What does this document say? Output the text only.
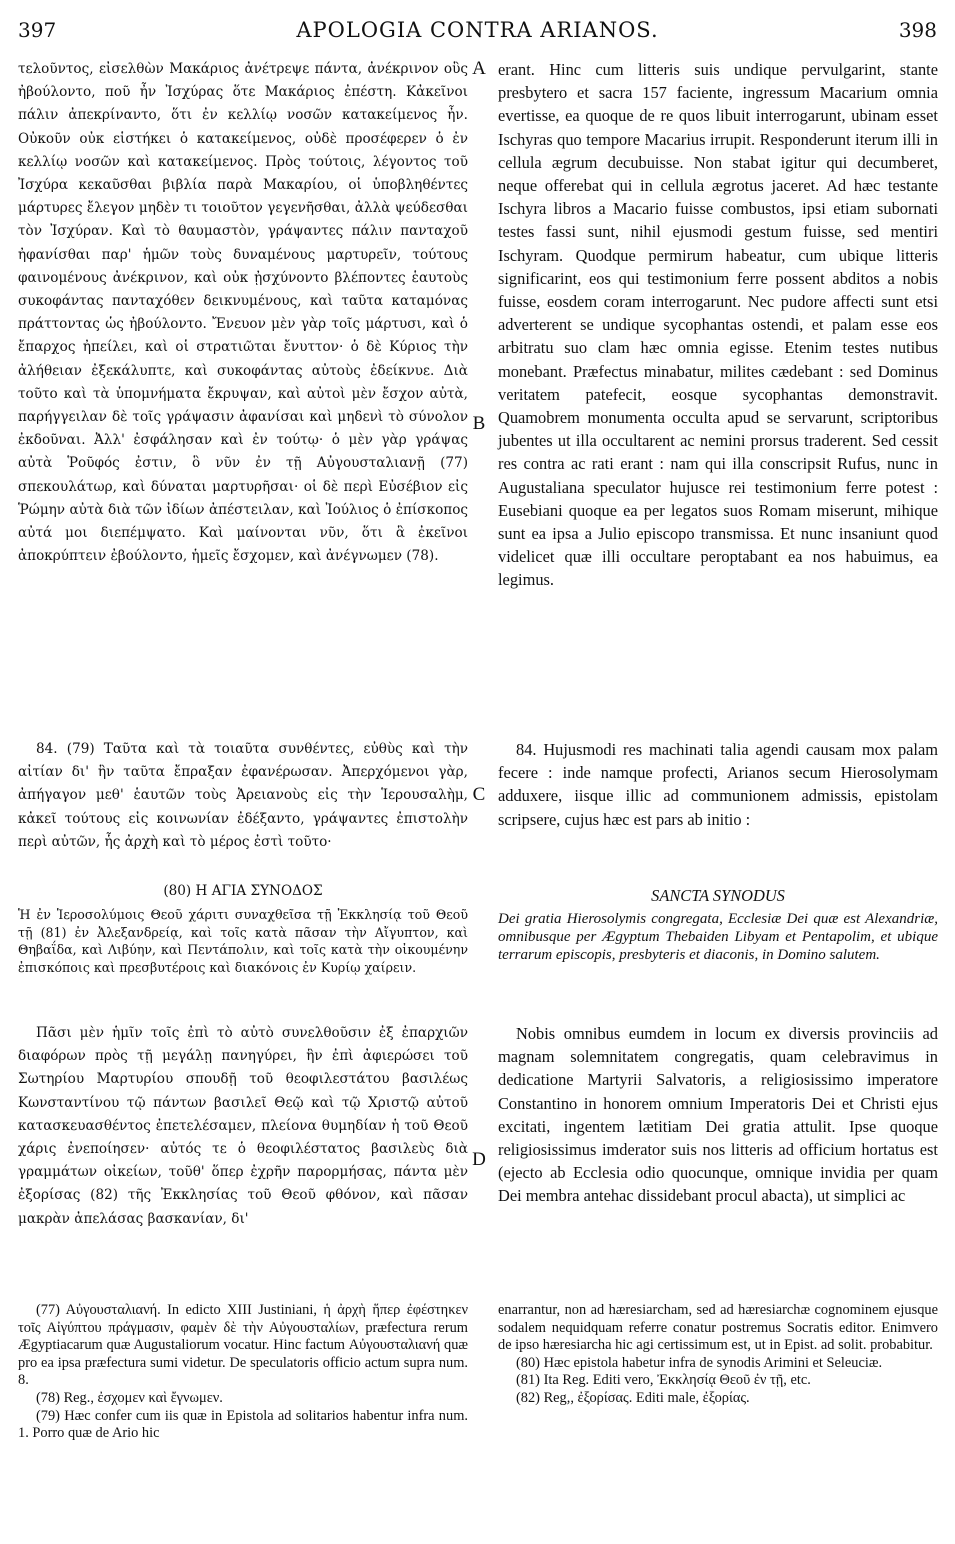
397	APOLOGIA CONTRA ARIANOS.	398
A
B
C
D

τελοῦντος, εἰσελθὼν Μακάριος ἀνέτρεψε πάντα, ἀνέκρινον οὓς ἠβούλοντο, ποῦ ἦν Ἰσχύρας ὅτε Μακάριος ἐπέστη. Κἀκεῖνοι πάλιν ἀπεκρίναντο, ὅτι ἐν κελλίῳ νοσῶν κατακείμενος ἦν. Οὐκοῦν οὐκ εἱστήκει ὁ κατακείμενος, οὐδὲ προσέφερεν ὁ ἐν κελλίῳ νοσῶν καὶ κατακείμενος. Πρὸς τούτοις, λέγοντος τοῦ Ἰσχύρα κεκαῦσθαι βιβλία παρὰ Μακαρίου, οἱ ὑποβληθέντες μάρτυρες ἔλεγον μηδὲν τι τοιοῦτον γεγενῆσθαι, ἀλλὰ ψεύδεσθαι τὸν Ἰσχύραν. Καὶ τὸ θαυμαστὸν, γράψαντες πάλιν πανταχοῦ ἠφανίσθαι παρ' ἡμῶν τοὺς δυναμένους μαρτυρεῖν, τούτους φαινομένους ἀνέκρινον, καὶ οὐκ ᾐσχύνοντο βλέποντες ἑαυτοὺς συκοφάντας πανταχόθεν δεικνυμένους, καὶ ταῦτα καταμόνας πράττοντας ὡς ἠβούλοντο. Ἔνευον μὲν γὰρ τοῖς μάρτυσι, καὶ ὁ ἔπαρχος ἠπείλει, καὶ οἱ στρατιῶται ἔνυττον· ὁ δὲ Κύριος τὴν ἀλήθειαν ἐξεκάλυπτε, καὶ συκοφάντας αὐτοὺς ἐδείκνυε. Διὰ τοῦτο καὶ τὰ ὑπομνήματα ἔκρυψαν, καὶ αὐτοὶ μὲν ἔσχον αὐτὰ, παρήγγειλαν δὲ τοῖς γράψασιν ἀφανίσαι καὶ μηδενὶ τὸ σύνολον ἐκδοῦναι. Ἀλλ' ἐσφάλησαν καὶ ἐν τούτῳ· ὁ μὲν γὰρ γράψας αὐτὰ Ῥοῦφός ἐστιν, ὃ νῦν ἐν τῇ Αὐγουσταλιανῇ (77) σπεκουλάτωρ, καὶ δύναται μαρτυρῆσαι· οἱ δὲ περὶ Εὐσέβιον εἰς Ῥώμην αὐτὰ διὰ τῶν ἰδίων ἀπέστειλαν, καὶ Ἰούλιος ὁ ἐπίσκοπος αὐτά μοι διεπέμψατο. Καὶ μαίνονται νῦν, ὅτι ἃ ἐκεῖνοι ἀποκρύπτειν ἐβούλοντο, ἡμεῖς ἔσχομεν, καὶ ἀνέγνωμεν (78).

84. (79) Ταῦτα καὶ τὰ τοιαῦτα συνθέντες, εὐθὺς καὶ τὴν αἰτίαν δι' ἣν ταῦτα ἔπραξαν ἐφανέρωσαν. Ἀπερχόμενοι γὰρ, ἀπήγαγον μεθ' ἑαυτῶν τοὺς Ἀρειανοὺς εἰς τὴν Ἱερουσαλὴμ, κἀκεῖ τούτους εἰς κοινωνίαν ἐδέξαντο, γράψαντες ἐπιστολὴν περὶ αὐτῶν, ἧς ἀρχὴ καὶ τὸ μέρος ἐστὶ τοῦτο·

(80) Η ΑΓΙΑ ΣΥΝΟΔΟΣ

Ἡ ἐν Ἱεροσολύμοις Θεοῦ χάριτι συναχθεῖσα τῇ Ἐκκλησίᾳ τοῦ Θεοῦ τῇ (81) ἐν Ἀλεξανδρείᾳ, καὶ τοῖς κατὰ πᾶσαν τὴν Αἴγυπτον, καὶ Θηβαΐδα, καὶ Λιβύην, καὶ Πεντάπολιν, καὶ τοῖς κατὰ τὴν οἰκουμένην ἐπισκόποις καὶ πρεσβυτέροις καὶ διακόνοις ἐν Κυρίῳ χαίρειν.

Πᾶσι μὲν ἡμῖν τοῖς ἐπὶ τὸ αὐτὸ συνελθοῦσιν ἐξ ἐπαρχιῶν διαφόρων πρὸς τῇ μεγάλῃ πανηγύρει, ἣν ἐπὶ ἀφιερώσει τοῦ Σωτηρίου Μαρτυρίου σπουδῇ τοῦ θεοφιλεστάτου βασιλέως Κωνσταντίνου τῷ πάντων βασιλεῖ Θεῷ καὶ τῷ Χριστῷ αὐτοῦ κατασκευασθέντος ἐπετελέσαμεν, πλείονα θυμηδίαν ἡ τοῦ Θεοῦ χάρις ἐνεποίησεν· αὐτός τε ὁ θεοφιλέστατος βασιλεὺς διὰ γραμμάτων οἰκείων, τοῦθ' ὅπερ ἐχρῆν παρορμήσας, πάντα μὲν ἐξορίσας (82) τῆς Ἐκκλησίας τοῦ Θεοῦ φθόνον, καὶ πᾶσαν μακρὰν ἀπελάσας βασκανίαν, δι'

erant. Hinc cum litteris suis undique pervulgarint, stante presbytero et sacra 157 faciente, ingressum Macarium omnia evertisse, ea quoque de re quos libuit interrogarunt, ubinam esset Ischyras quo tempore Macarius irrupit. Responderunt iterum illi in cellula ægrum decubuisse. Non stabat igitur qui decumberet, neque offerebat qui in cellula ægrotus jaceret. Ad hæc testante Ischyra libros a Macario fuisse combustos, ipsi etiam subornati testes fassi sunt, nihil ejusmodi gestum fuisse, sed mentiri Ischyram. Quodque permirum habeatur, cum ubique litteris significarint, eos qui testimonium ferre possent abditos a nobis fuisse, eosdem coram interrogarunt. Nec pudore affecti sunt etsi adverterent se undique sycophantas ostendi, et palam esse eos arbitratu suo clam hæc omnia egisse. Etenim testes nutibus monebant. Præfectus minabatur, milites cædebant : sed Dominus veritatem patefecit, eosque sycophantas demonstravit. Quamobrem monumenta occulta apud se servarunt, scriptoribus jubentes ut illa occultarent ac nemini prorsus traderent. Sed cessit res contra ac rati erant : nam qui illa conscripsit Rufus, nunc in Augustaliana speculator hujusce rei testimonium ferre potest : Eusebiani quoque ea per legatos suos Romam miserunt, mihique sunt ea ipsa a Julio episcopo transmissa. Et nunc insaniunt quod videlicet quæ illi occultare peroptabant ea nos habuimus, ea legimus.

84. Hujusmodi res machinati talia agendi causam mox palam fecere : inde namque profecti, Arianos secum Hierosolymam adduxere, iisque illic ad communionem admissis, epistolam scripsere, cujus hæc est pars ab initio :

SANCTA SYNODUS

Dei gratia Hierosolymis congregata, Ecclesiæ Dei quæ est Alexandriæ, omnibusque per Ægyptum Thebaiden Libyam et Pentapolim, et ubique terrarum episcopis, presbyteris et diaconis, in Domino salutem.

Nobis omnibus eumdem in locum ex diversis provinciis ad magnam solemnitatem congregatis, quam celebravimus in dedicatione Martyrii Salvatoris, a religiosissimo imperatore Constantino in honorem omnium Imperatoris Dei et Christi ejus excitati, ingentem lætitiam Dei gratia attulit. Ipse quoque religiosissimus imderator suis nos litteris ad officium hortatus est (ejecto ab Ecclesia odio quocunque, omnique invidia per quam Dei membra antehac dissidebant procul abacta), ut simplici ac

(77) Αὐγουσταλιανή. In edicto XIII Justiniani, ἡ ἀρχὴ ἥπερ ἐφέστηκεν τοῖς Αἰγύπτου πράγμασιν, φαμὲν δὲ τὴν Αὐγουσταλίων, præfectura rerum Ægyptiacarum quæ Augustaliorum vocatur. Hinc factum Αὐγουσταλιανή quæ pro ea ipsa præfectura sumi videtur. De speculatoris officio actum supra num. 8.

(78) Reg., ἐσχομεν καὶ ἔγνωμεν.

(79) Hæc confer cum iis quæ in Epistola ad solitarios habentur infra num. 1. Porro quæ de Ario hic

enarrantur, non ad hæresiarcham, sed ad hæresiarchæ cognominem ejusque sodalem nequidquam referre conatur postremus Socratis editor. Enimvero de ipso hæresiarcha hic agi certissimum est, ut in Epist. ad solit. probabitur.

(80) Hæc epistola habetur infra de synodis Arimini et Seleuciæ.

(81) Ita Reg. Editi vero, Ἐκκλησίᾳ Θεοῦ ἐν τῇ, etc.

(82) Reg,, ἐξορίσας. Editi male, ἐξορίας.
